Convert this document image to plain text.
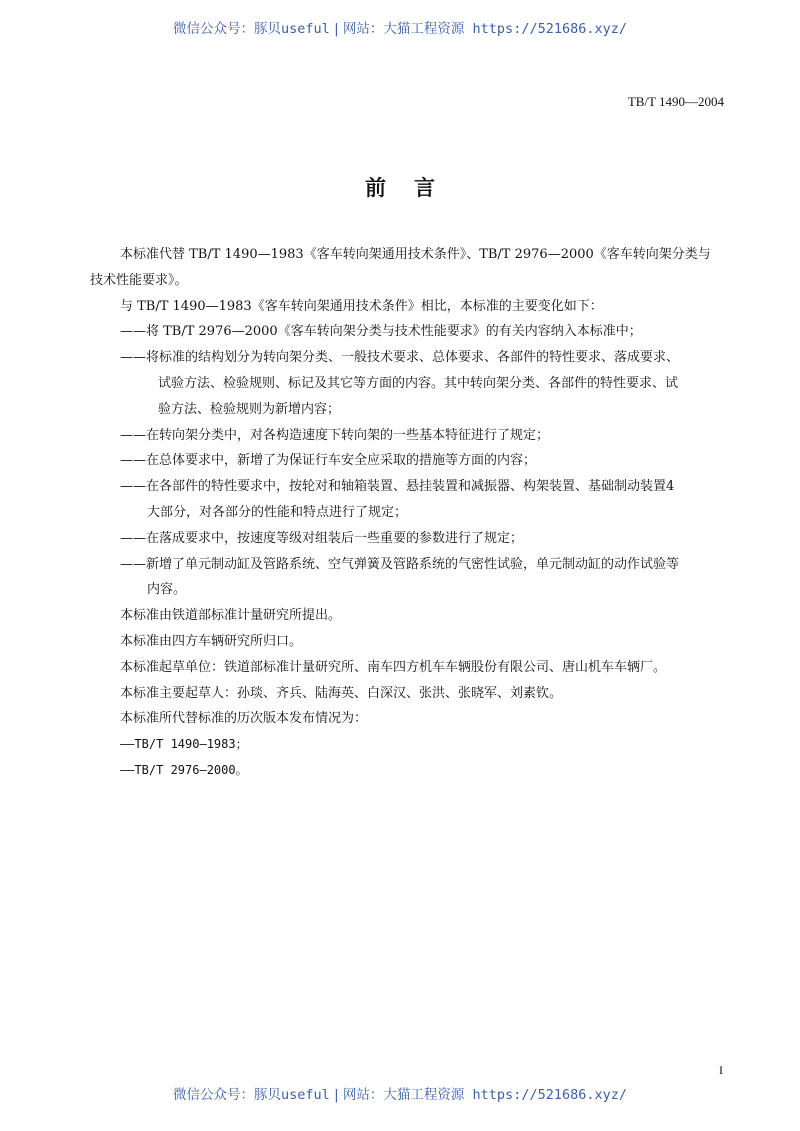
微信公众号：豚贝useful | 网站：大猫工程资源 https://521686.xyz/
TB/T 1490—2004
前言
本标准代替 TB/T 1490—1983《客车转向架通用技术条件》、TB/T 2976—2000《客车转向架分类与
技术性能要求》。
与 TB/T 1490—1983《客车转向架通用技术条件》相比，本标准的主要变化如下：
——将 TB/T 2976—2000《客车转向架分类与技术性能要求》的有关内容纳入本标准中；
——将标准的结构划分为转向架分类、一般技术要求、总体要求、各部件的特性要求、落成要求、
试验方法、检验规则、标记及其它等方面的内容。其中转向架分类、各部件的特性要求、试
验方法、检验规则为新增内容；
——在转向架分类中，对各构造速度下转向架的一些基本特征进行了规定；
——在总体要求中，新增了为保证行车安全应采取的措施等方面的内容；
——在各部件的特性要求中，按轮对和轴箱装置、悬挂装置和减振器、构架装置、基础制动装置4
大部分，对各部分的性能和特点进行了规定；
——在落成要求中，按速度等级对组装后一些重要的参数进行了规定；
——新增了单元制动缸及管路系统、空气弹簧及管路系统的气密性试验，单元制动缸的动作试验等
内容。
本标准由铁道部标准计量研究所提出。
本标准由四方车辆研究所归口。
本标准起草单位：铁道部标准计量研究所、南车四方机车车辆股份有限公司、唐山机车车辆厂。
本标准主要起草人：孙琰、齐兵、陆海英、白深汉、张洪、张晓军、刘素钦。
本标准所代替标准的历次版本发布情况为：
——TB/T 1490—1983；
——TB/T 2976—2000。
I
微信公众号：豚贝useful | 网站：大猫工程资源 https://521686.xyz/
